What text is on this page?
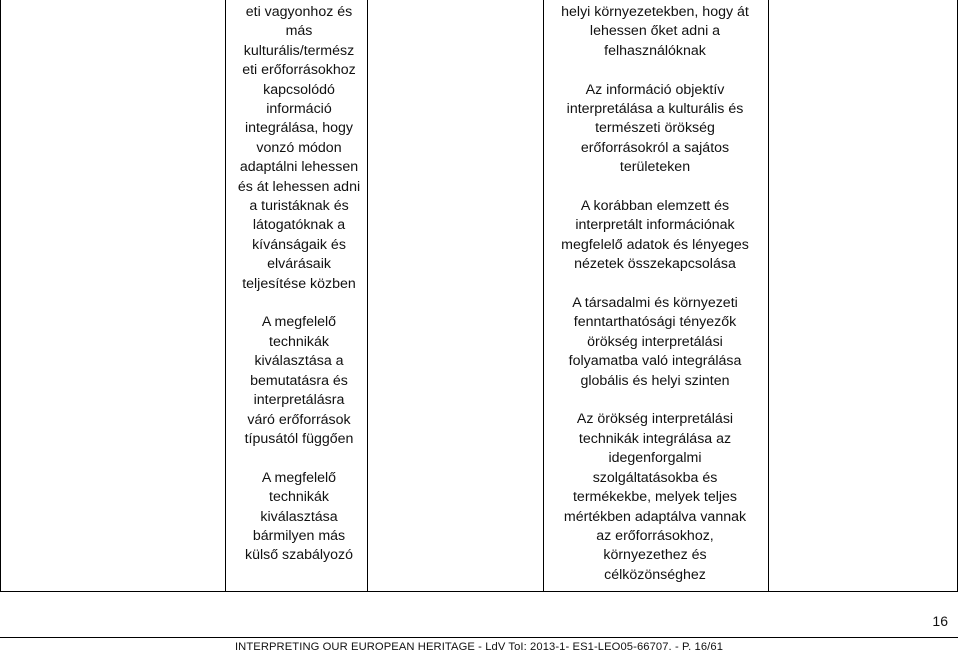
eti vagyonhoz és

más

kulturális/termész

eti erőforrásokhoz

kapcsolódó

információ

integrálása, hogy

vonzó módon

adaptálni lehessen

és át lehessen adni

a turistáknak és

látogatóknak a

kívánságaik és

elvárásaik

teljesítése közben

A megfelelő

technikák

kiválasztása a

bemutatásra és

interpretálásra

váró erőforrások

típusától függően

A megfelelő

technikák

kiválasztása

bármilyen más

külső szabályozó

helyi környezetekben, hogy át

lehessen őket adni a

felhasználóknak

Az információ objektív

interpretálása a kulturális és

természeti örökség

erőforrásokról a sajátos

területeken

A korábban elemzett és

interpretált információnak

megfelelő adatok és lényeges

nézetek összekapcsolása

A társadalmi és környezeti

fenntarthatósági tényezők

örökség interpretálási

folyamatba való integrálása

globális és helyi szinten

Az örökség interpretálási

technikák integrálása az

idegenforgalmi

szolgáltatásokba és

termékekbe, melyek teljes

mértékben adaptálva vannak

az erőforrásokhoz,

környezethez és

célközönséghez

16
INTERPRETING OUR EUROPEAN HERITAGE - LdV ToI: 2013-1- ES1-LEO05-66707. - P. 16/61
